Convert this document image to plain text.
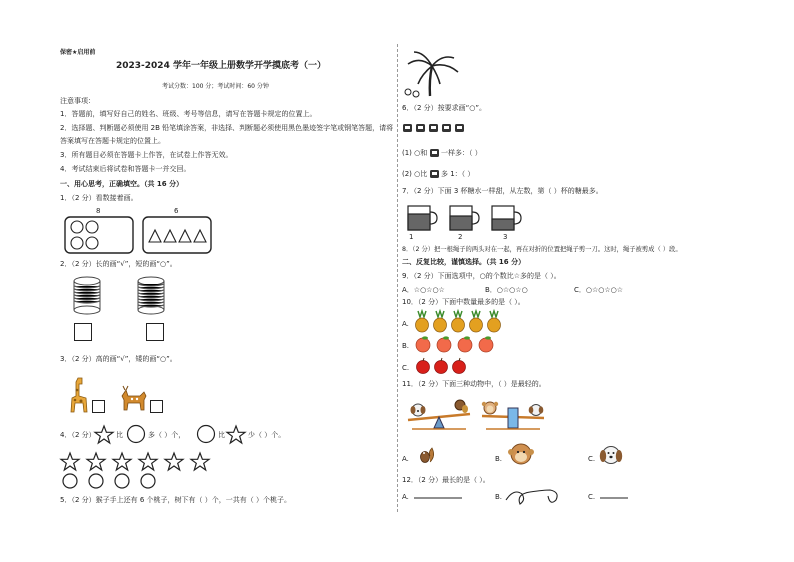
保密★启用前
2023-2024 学年一年级上册数学开学摸底考（一）
考试分数：100 分；考试时间：60 分钟
注意事项：
1．答题前，填写好自己的姓名、班级、考号等信息，请写在答题卡规定的位置上。
2．选择题、判断题必须使用 2B 铅笔填涂答案，非选择、判断题必须使用黑色墨迹签字笔或钢笔答题，请将
答案填写在答题卡规定的位置上。
3．所有题目必须在答题卡上作答，在试卷上作答无效。
4．考试结束后将试卷和答题卡一并交回。
一、用心思考，正确填空。（共 16 分）
1．（2 分）看数接着画。
8	6
2．（2 分）长的画“√”，短的画“○”。
3．（2 分）高的画“√”，矮的画“○”。
4．（2 分）	比	多（ ）个，	比	少（ ）个。
5．（2 分）猴子手上还有 6 个桃子，树下有（ ）个，一共有（ ）个桃子。
6．（2 分）按要求画“○”。
(1) ○和 一样多：（ ）
(2) ○比 多 1：（ ）
7．（2 分）下面 3 杯糖水一样甜，从左数，第（ ）杯的糖最多。
1	2	3
8．（2 分）把一根绳子的两头对在一起，再在对折的位置把绳子剪一刀。这时，绳子被剪成（ ）段。
二、反复比较，谨慎选择。（共 16 分）
9．（2 分）下面选项中，○的个数比☆多的是（ ）。
A．☆○☆○☆	B．○☆○☆○	C．○☆○☆○☆
10．（2 分）下面中数量最多的是（ ）。
A.
B.
C.
11．（2 分）下面三种动物中，（ ）是最轻的。
A.	B.	C.
12．（2 分）最长的是（ ）。
A.	B.	C.
